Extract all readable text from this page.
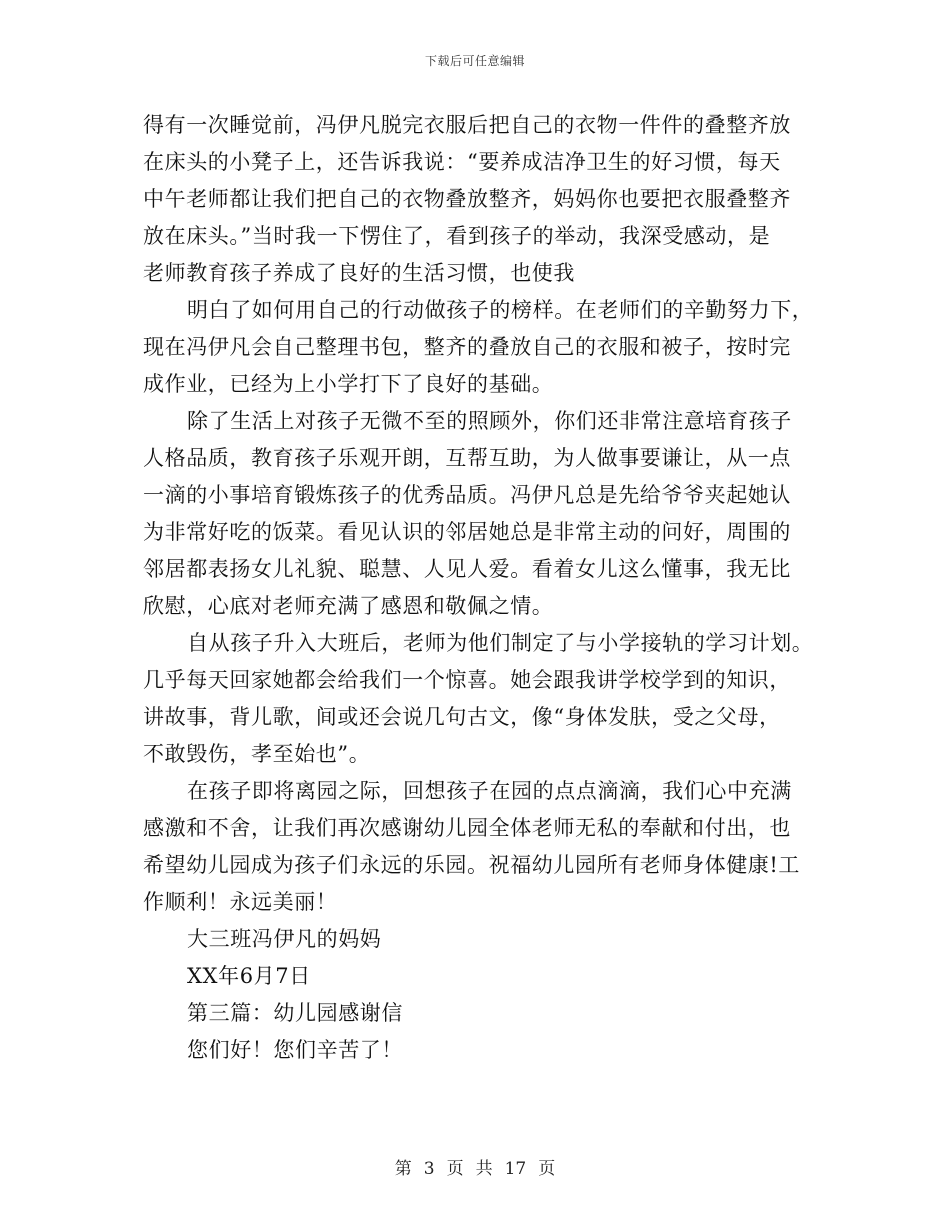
下载后可任意编辑
得有一次睡觉前，冯伊凡脱完衣服后把自己的衣物一件件的叠整齐放
在床头的小凳子上，还告诉我说：“要养成洁净卫生的好习惯，每天
中午老师都让我们把自己的衣物叠放整齐，妈妈你也要把衣服叠整齐
放在床头。”当时我一下愣住了，看到孩子的举动，我深受感动，是
老师教育孩子养成了良好的生活习惯，也使我
明白了如何用自己的行动做孩子的榜样。在老师们的辛勤努力下，
现在冯伊凡会自己整理书包，整齐的叠放自己的衣服和被子，按时完
成作业，已经为上小学打下了良好的基础。
除了生活上对孩子无微不至的照顾外，你们还非常注意培育孩子
人格品质，教育孩子乐观开朗，互帮互助，为人做事要谦让，从一点
一滴的小事培育锻炼孩子的优秀品质。冯伊凡总是先给爷爷夹起她认
为非常好吃的饭菜。看见认识的邻居她总是非常主动的问好，周围的
邻居都表扬女儿礼貌、聪慧、人见人爱。看着女儿这么懂事，我无比
欣慰，心底对老师充满了感恩和敬佩之情。
自从孩子升入大班后，老师为他们制定了与小学接轨的学习计划。
几乎每天回家她都会给我们一个惊喜。她会跟我讲学校学到的知识，
讲故事，背儿歌，间或还会说几句古文，像“身体发肤，受之父母，
不敢毁伤，孝至始也”。
在孩子即将离园之际，回想孩子在园的点点滴滴，我们心中充满
感激和不舍，让我们再次感谢幼儿园全体老师无私的奉献和付出，也
希望幼儿园成为孩子们永远的乐园。祝福幼儿园所有老师身体健康!工
作顺利！永远美丽！
大三班冯伊凡的妈妈
XX年6月7日
第三篇：幼儿园感谢信
您们好！您们辛苦了！
第 3 页 共 17 页
